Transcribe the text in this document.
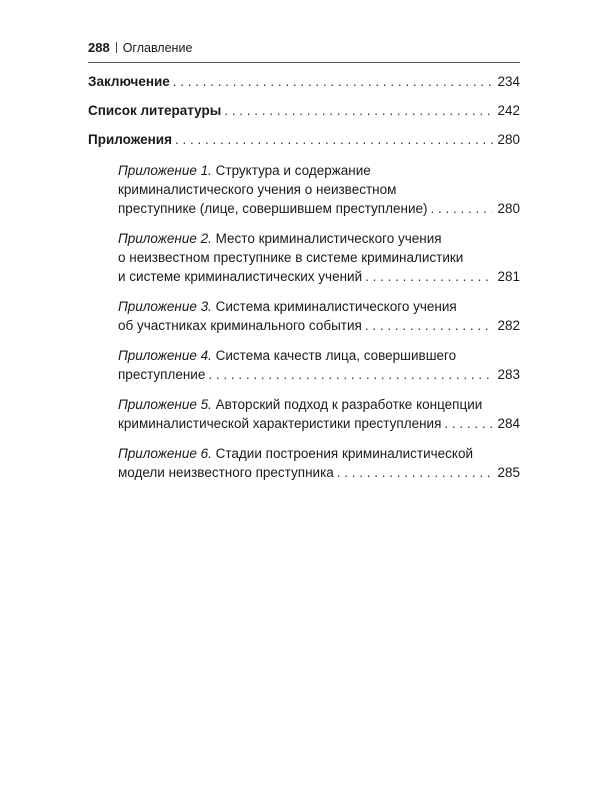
288 Оглавление
Заключение . . .	234
Список литературы . . .	242
Приложения . . .	280
Приложение 1. Структура и содержание
криминалистического учения о неизвестном
преступнике (лице, совершившем преступление) . . .	280
Приложение 2. Место криминалистического учения
о неизвестном преступнике в системе криминалистики
и системе криминалистических учений . . .	281
Приложение 3. Система криминалистического учения
об участниках криминального события . . .	282
Приложение 4. Система качеств лица, совершившего
преступление . . .	283
Приложение 5. Авторский подход к разработке концепции
криминалистической характеристики преступления . . .	284
Приложение 6. Стадии построения криминалистической
модели неизвестного преступника . . .	285
